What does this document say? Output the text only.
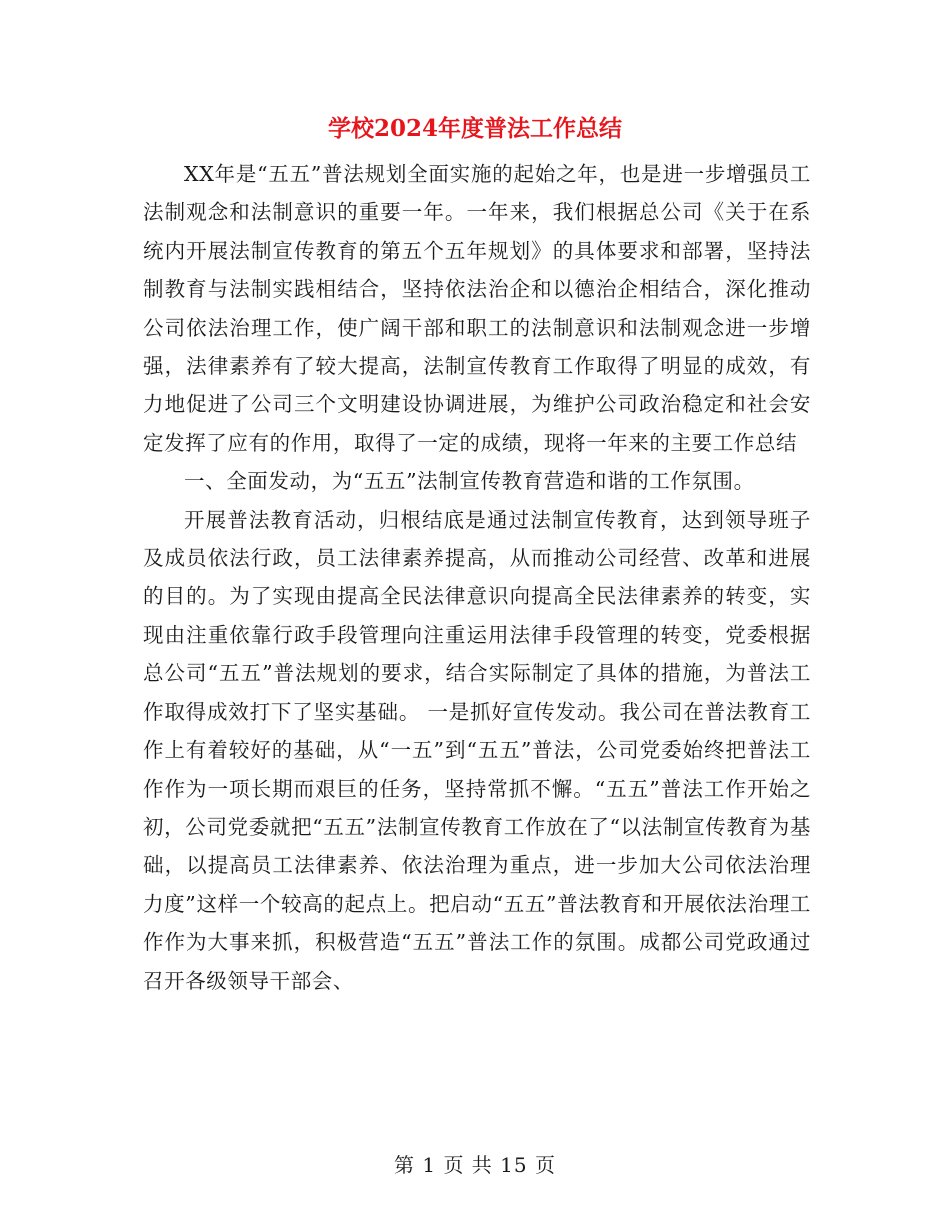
学校2024年度普法工作总结

XX年是“五五”普法规划全面实施的起始之年，也是进一步增强员工法制观念和法制意识的重要一年。一年来，我们根据总公司《关于在系统内开展法制宣传教育的第五个五年规划》的具体要求和部署，坚持法制教育与法制实践相结合，坚持依法治企和以德治企相结合，深化推动公司依法治理工作，使广阔干部和职工的法制意识和法制观念进一步增强，法律素养有了较大提高，法制宣传教育工作取得了明显的成效，有力地促进了公司三个文明建设协调进展，为维护公司政治稳定和社会安定发挥了应有的作用，取得了一定的成绩，现将一年来的主要工作总结

一、全面发动，为“五五”法制宣传教育营造和谐的工作氛围。

开展普法教育活动，归根结底是通过法制宣传教育，达到领导班子及成员依法行政，员工法律素养提高，从而推动公司经营、改革和进展的目的。为了实现由提高全民法律意识向提高全民法律素养的转变，实现由注重依靠行政手段管理向注重运用法律手段管理的转变，党委根据总公司“五五”普法规划的要求，结合实际制定了具体的措施，为普法工作取得成效打下了坚实基础。 一是抓好宣传发动。我公司在普法教育工作上有着较好的基础，从“一五”到“五五”普法，公司党委始终把普法工作作为一项长期而艰巨的任务，坚持常抓不懈。“五五”普法工作开始之初，公司党委就把“五五”法制宣传教育工作放在了“以法制宣传教育为基础，以提高员工法律素养、依法治理为重点，进一步加大公司依法治理力度”这样一个较高的起点上。把启动“五五”普法教育和开展依法治理工作作为大事来抓，积极营造“五五”普法工作的氛围。成都公司党政通过召开各级领导干部会、

第 1 页 共 15 页
